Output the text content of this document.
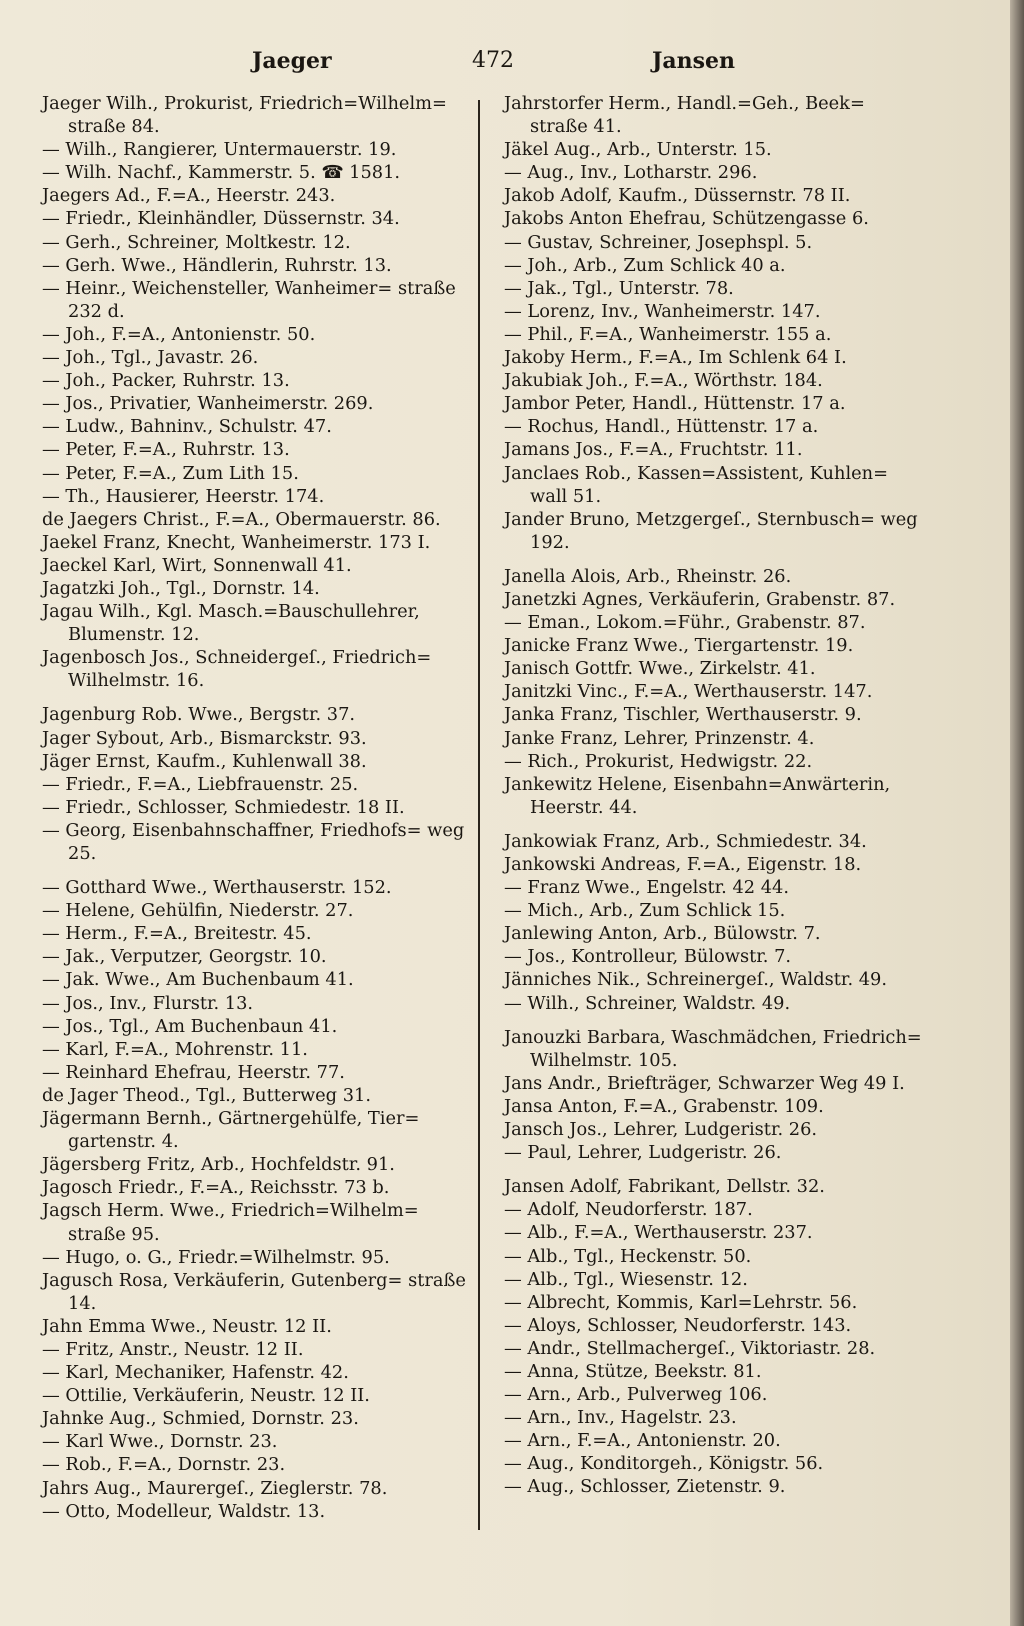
Jaeger	472	Jansen
Jaeger Wilh., Prokurist, Friedrich=Wilhelm= straße 84.
— Wilh., Rangierer, Untermauerstr. 19.
— Wilh. Nachf., Kammerstr. 5. ☎ 1581.
Jaegers Ad., F.=A., Heerstr. 243.
— Friedr., Kleinhändler, Düssernstr. 34.
— Gerh., Schreiner, Moltkestr. 12.
— Gerh. Wwe., Händlerin, Ruhrstr. 13.
— Heinr., Weichensteller, Wanheimer= straße 232 d.
— Joh., F.=A., Antonienstr. 50.
— Joh., Tgl., Javastr. 26.
— Joh., Packer, Ruhrstr. 13.
— Jos., Privatier, Wanheimerstr. 269.
— Ludw., Bahninv., Schulstr. 47.
— Peter, F.=A., Ruhrstr. 13.
— Peter, F.=A., Zum Lith 15.
— Th., Hausierer, Heerstr. 174.
de Jaegers Christ., F.=A., Obermauerstr. 86.
Jaekel Franz, Knecht, Wanheimerstr. 173 I.
Jaeckel Karl, Wirt, Sonnenwall 41.
Jagatzki Joh., Tgl., Dornstr. 14.
Jagau Wilh., Kgl. Masch.=Bauschullehrer, Blumenstr. 12.
Jagenbosch Jos., Schneidergeſ., Friedrich= Wilhelmstr. 16.
Jagenburg Rob. Wwe., Bergstr. 37.
Jager Sybout, Arb., Bismarckstr. 93.
Jäger Ernst, Kaufm., Kuhlenwall 38.
— Friedr., F.=A., Liebfrauenstr. 25.
— Friedr., Schlosser, Schmiedestr. 18 II.
— Georg, Eisenbahnschaffner, Friedhofs= weg 25.
— Gotthard Wwe., Werthauserstr. 152.
— Helene, Gehülfin, Niederstr. 27.
— Herm., F.=A., Breitestr. 45.
— Jak., Verputzer, Georgstr. 10.
— Jak. Wwe., Am Buchenbaum 41.
— Jos., Inv., Flurstr. 13.
— Jos., Tgl., Am Buchenbaun 41.
— Karl, F.=A., Mohrenstr. 11.
— Reinhard Ehefrau, Heerstr. 77.
de Jager Theod., Tgl., Butterweg 31.
Jägermann Bernh., Gärtnergehülfe, Tier= gartenstr. 4.
Jägersberg Fritz, Arb., Hochfeldstr. 91.
Jagosch Friedr., F.=A., Reichsstr. 73 b.
Jagsch Herm. Wwe., Friedrich=Wilhelm= straße 95.
— Hugo, o. G., Friedr.=Wilhelmstr. 95.
Jagusch Rosa, Verkäuferin, Gutenberg= straße 14.
Jahn Emma Wwe., Neustr. 12 II.
— Fritz, Anstr., Neustr. 12 II.
— Karl, Mechaniker, Hafenstr. 42.
— Ottilie, Verkäuferin, Neustr. 12 II.
Jahnke Aug., Schmied, Dornstr. 23.
— Karl Wwe., Dornstr. 23.
— Rob., F.=A., Dornstr. 23.
Jahrs Aug., Maurergeſ., Zieglerstr. 78.
— Otto, Modelleur, Waldstr. 13.
Jahrstorfer Herm., Handl.=Geh., Beek= straße 41.
Jäkel Aug., Arb., Unterstr. 15.
— Aug., Inv., Lotharstr. 296.
Jakob Adolf, Kaufm., Düssernstr. 78 II.
Jakobs Anton Ehefrau, Schützengasse 6.
— Gustav, Schreiner, Josephspl. 5.
— Joh., Arb., Zum Schlick 40 a.
— Jak., Tgl., Unterstr. 78.
— Lorenz, Inv., Wanheimerstr. 147.
— Phil., F.=A., Wanheimerstr. 155 a.
Jakoby Herm., F.=A., Im Schlenk 64 I.
Jakubiak Joh., F.=A., Wörthstr. 184.
Jambor Peter, Handl., Hüttenstr. 17 a.
— Rochus, Handl., Hüttenstr. 17 a.
Jamans Jos., F.=A., Fruchtstr. 11.
Janclaes Rob., Kassen=Assistent, Kuhlen= wall 51.
Jander Bruno, Metzgergeſ., Sternbusch= weg 192.
Janella Alois, Arb., Rheinstr. 26.
Janetzki Agnes, Verkäuferin, Grabenstr. 87.
— Eman., Lokom.=Führ., Grabenstr. 87.
Janicke Franz Wwe., Tiergartenstr. 19.
Janisch Gottfr. Wwe., Zirkelstr. 41.
Janitzki Vinc., F.=A., Werthauserstr. 147.
Janka Franz, Tischler, Werthauserstr. 9.
Janke Franz, Lehrer, Prinzenstr. 4.
— Rich., Prokurist, Hedwigstr. 22.
Jankewitz Helene, Eisenbahn=Anwärterin, Heerstr. 44.
Jankowiak Franz, Arb., Schmiedestr. 34.
Jankowski Andreas, F.=A., Eigenstr. 18.
— Franz Wwe., Engelstr. 42 44.
— Mich., Arb., Zum Schlick 15.
Janlewing Anton, Arb., Bülowstr. 7.
— Jos., Kontrolleur, Bülowstr. 7.
Jänniches Nik., Schreinergeſ., Waldstr. 49.
— Wilh., Schreiner, Waldstr. 49.
Janouzki Barbara, Waschmädchen, Friedrich= Wilhelmstr. 105.
Jans Andr., Briefträger, Schwarzer Weg 49 I.
Jansa Anton, F.=A., Grabenstr. 109.
Jansch Jos., Lehrer, Ludgeristr. 26.
— Paul, Lehrer, Ludgeristr. 26.
Jansen Adolf, Fabrikant, Dellstr. 32.
— Adolf, Neudorferstr. 187.
— Alb., F.=A., Werthauserstr. 237.
— Alb., Tgl., Heckenstr. 50.
— Alb., Tgl., Wiesenstr. 12.
— Albrecht, Kommis, Karl=Lehrstr. 56.
— Aloys, Schlosser, Neudorferstr. 143.
— Andr., Stellmachergeſ., Viktoriastr. 28.
— Anna, Stütze, Beekstr. 81.
— Arn., Arb., Pulverweg 106.
— Arn., Inv., Hagelstr. 23.
— Arn., F.=A., Antonienstr. 20.
— Aug., Konditorgeh., Königstr. 56.
— Aug., Schlosser, Zietenstr. 9.
